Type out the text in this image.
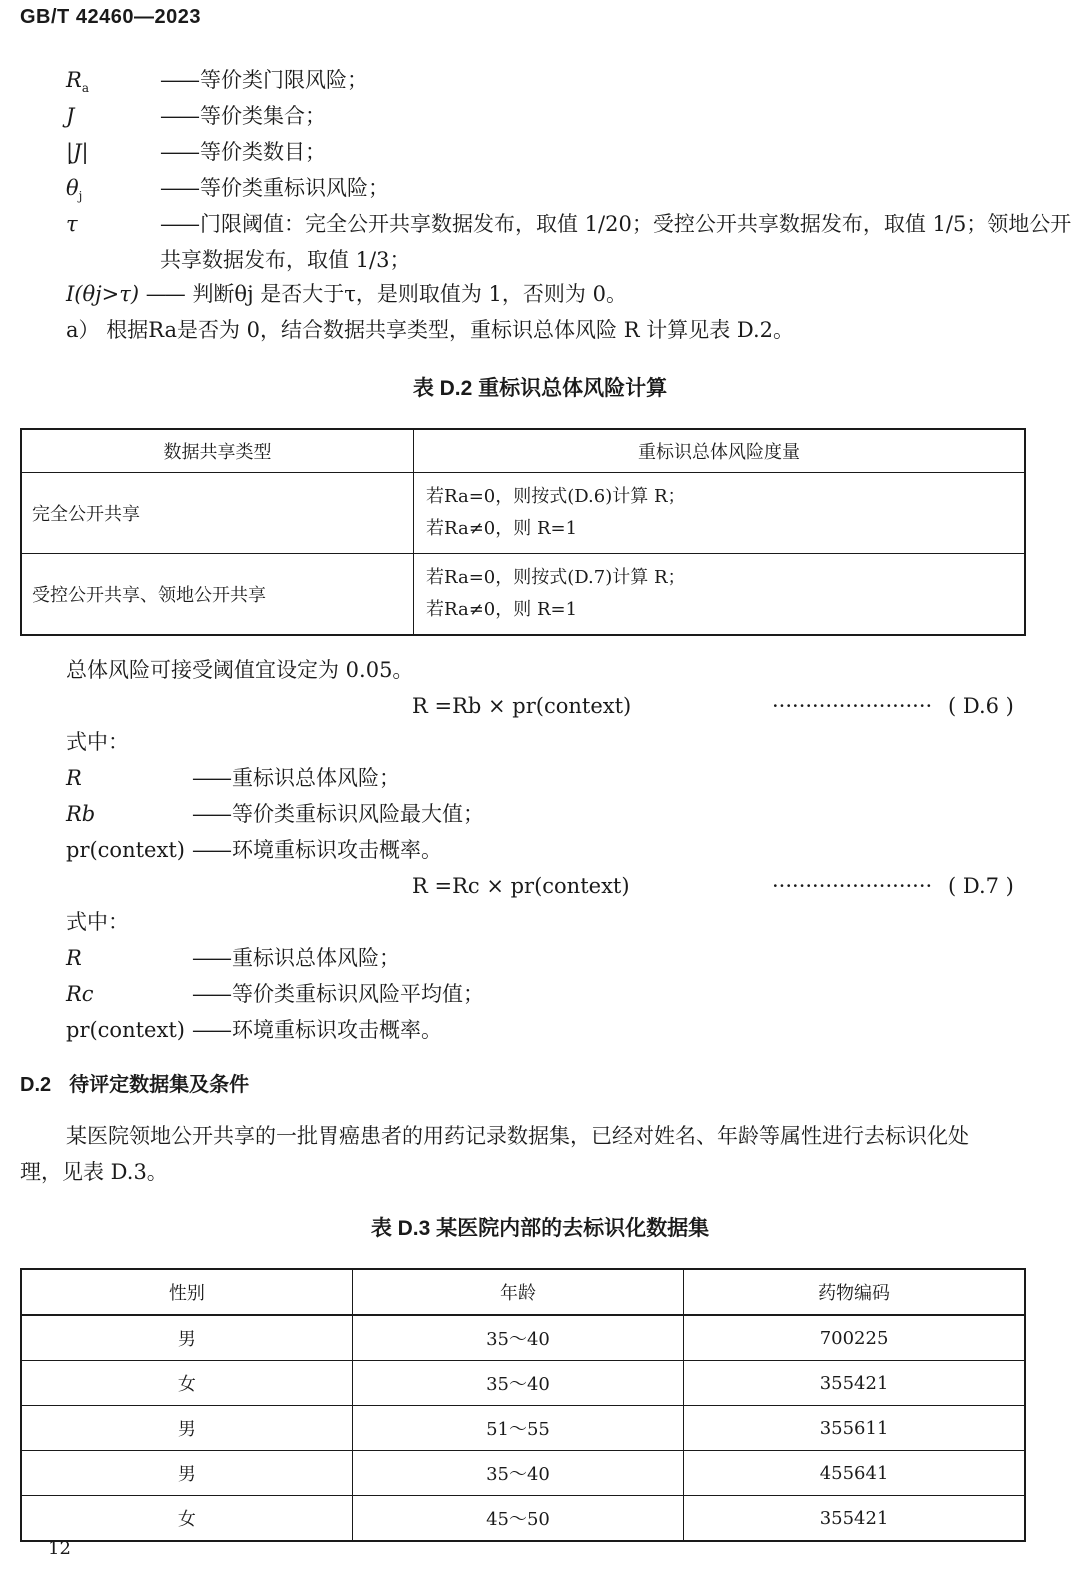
GB/T 42460—2023
$R_a$	—— 等价类门限风险；
J	—— 等价类集合；
|J|	—— 等价类数目；
$\theta_j$	—— 等价类重标识风险；
τ	——门限阈值：完全公开共享数据发布，取值 1/20；受控公开共享数据发布，取值 1/5；领地公开共享数据发布，取值 1/3；
I(θj>τ) —— 判断θj 是否大于τ，是则取值为 1，否则为 0。
a） 根据Ra是否为 0，结合数据共享类型，重标识总体风险 R 计算见表 D.2。
表 D.2 重标识总体风险计算
数据共享类型	重标识总体风险度量
完全公开共享	若Ra=0，则按式(D.6)计算 R；
若Ra≠0，则 R=1

受控公开共享、领地公开共享	若Ra=0，则按式(D.7)计算 R；
若Ra≠0，则 R=1
总体风险可接受阈值宜设定为 0.05。
R =Rb × pr(context)	························ ( D.6 )
式中：
R	—— 重标识总体风险；
Rb	—— 等价类重标识风险最大值；
pr(context) —— 环境重标识攻击概率。
R =Rc × pr(context)	························ ( D.7 )
式中：
R	—— 重标识总体风险；
Rc	—— 等价类重标识风险平均值；
pr(context) —— 环境重标识攻击概率。
D.2 待评定数据集及条件
某医院领地公开共享的一批胃癌患者的用药记录数据集，已经对姓名、年龄等属性进行去标识化处
理，见表 D.3。
表 D.3 某医院内部的去标识化数据集
性别	年龄	药物编码
男	35～40	700225
女	35～40	355421
男	51～55	355611
男	35～40	455641
女	45～50	355421
12
